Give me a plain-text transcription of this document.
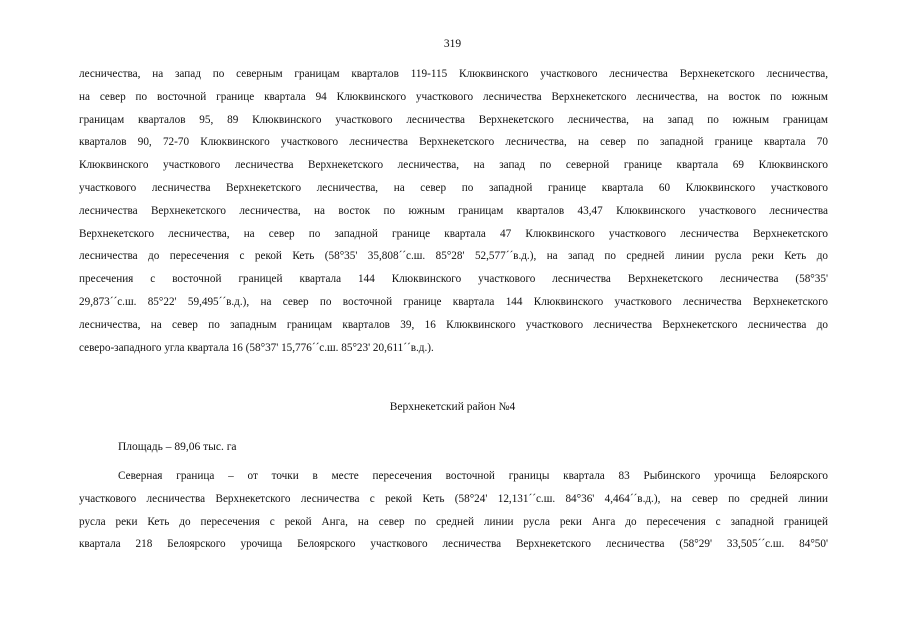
319
лесничества, на запад по северным границам кварталов 119-115 Клюквинского участкового лесничества Верхнекетского лесничества,
на север по восточной границе квартала 94 Клюквинского участкового лесничества Верхнекетского лесничества, на восток по южным
границам кварталов 95, 89 Клюквинского участкового лесничества Верхнекетского лесничества, на запад по южным границам
кварталов 90, 72-70 Клюквинского участкового лесничества Верхнекетского лесничества, на север по западной границе квартала 70
Клюквинского участкового лесничества Верхнекетского лесничества, на запад по северной границе квартала 69 Клюквинского
участкового лесничества Верхнекетского лесничества, на север по западной границе квартала 60 Клюквинского участкового
лесничества Верхнекетского лесничества, на восток по южным границам кварталов 43,47 Клюквинского участкового лесничества
Верхнекетского лесничества, на север по западной границе квартала 47 Клюквинского участкового лесничества Верхнекетского
лесничества до пересечения с рекой Кеть (58°35' 35,808´´с.ш. 85°28' 52,577´´в.д.), на запад по средней линии русла реки Кеть до
пресечения с восточной границей квартала 144 Клюквинского участкового лесничества Верхнекетского лесничества (58°35'
29,873´´с.ш. 85°22' 59,495´´в.д.), на север по восточной границе квартала 144 Клюквинского участкового лесничества Верхнекетского
лесничества, на север по западным границам кварталов 39, 16 Клюквинского участкового лесничества Верхнекетского лесничества до
северо-западного угла квартала 16 (58°37' 15,776´´с.ш. 85°23' 20,611´´в.д.).
Верхнекетский район №4
Площадь – 89,06 тыс. га
Северная граница – от точки в месте пересечения восточной границы квартала 83 Рыбинского урочища Белоярского
участкового лесничества Верхнекетского лесничества с рекой Кеть (58°24' 12,131´´с.ш. 84°36' 4,464´´в.д.), на север по средней линии
русла реки Кеть до пересечения с рекой Анга, на север по средней линии русла реки Анга до пересечения с западной границей
квартала 218 Белоярского урочища Белоярского участкового лесничества Верхнекетского лесничества (58°29' 33,505´´с.ш. 84°50'
